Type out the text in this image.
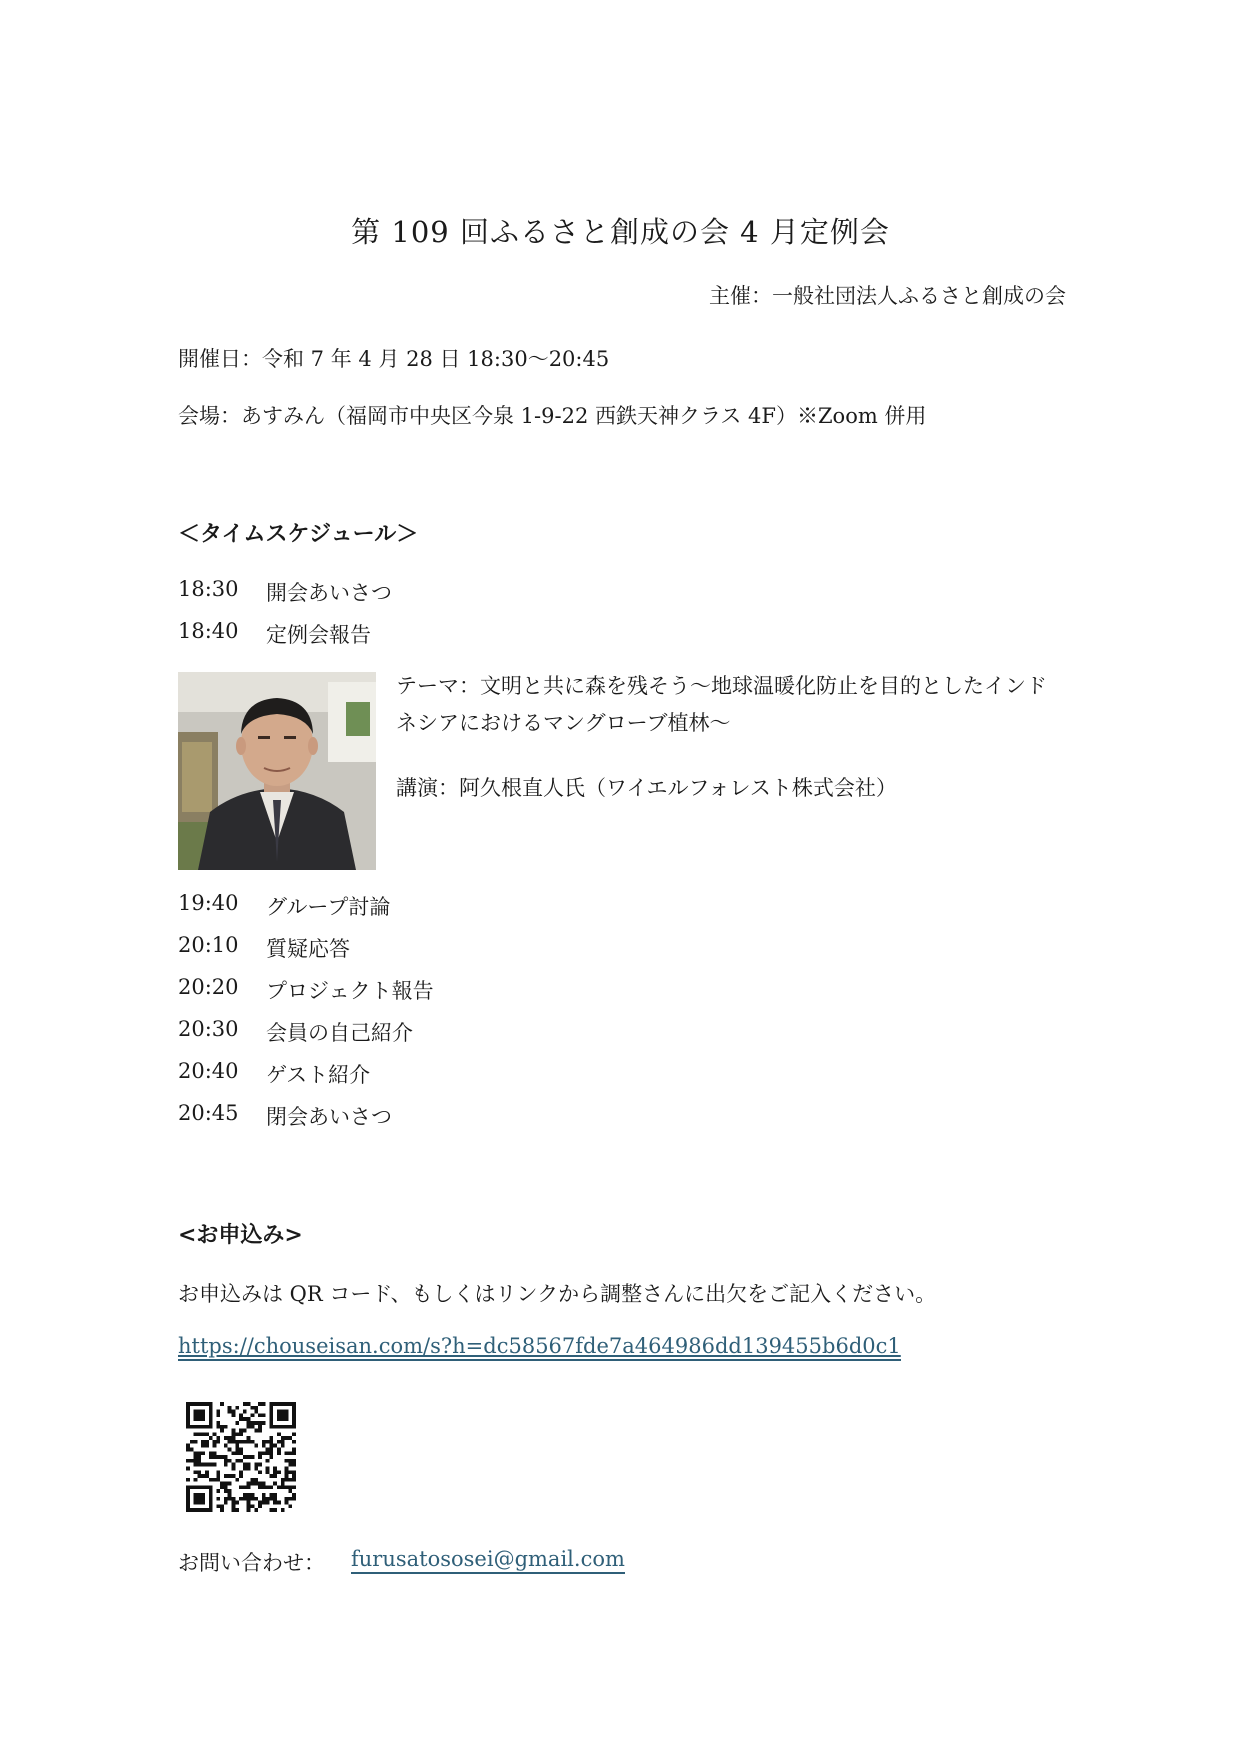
第 109 回ふるさと創成の会 4 月定例会
主催：一般社団法人ふるさと創成の会
開催日：令和 7 年 4 月 28 日 18:30〜20:45
会場：あすみん（福岡市中央区今泉 1-9-22 西鉄天神クラス 4F）※Zoom 併用
＜タイムスケジュール＞
18:30	開会あいさつ
18:40	定例会報告
テーマ：文明と共に森を残そう〜地球温暖化防止を目的としたインドネシアにおけるマングローブ植林〜
講演：阿久根直人氏（ワイエルフォレスト株式会社）
19:40	グループ討論
20:10	質疑応答
20:20	プロジェクト報告
20:30	会員の自己紹介
20:40	ゲスト紹介
20:45	閉会あいさつ
<お申込み>
お申込みは QR コード、もしくはリンクから調整さんに出欠をご記入ください。
https://chouseisan.com/s?h=dc58567fde7a464986dd139455b6d0c1
お問い合わせ： furusatososei@gmail.com
